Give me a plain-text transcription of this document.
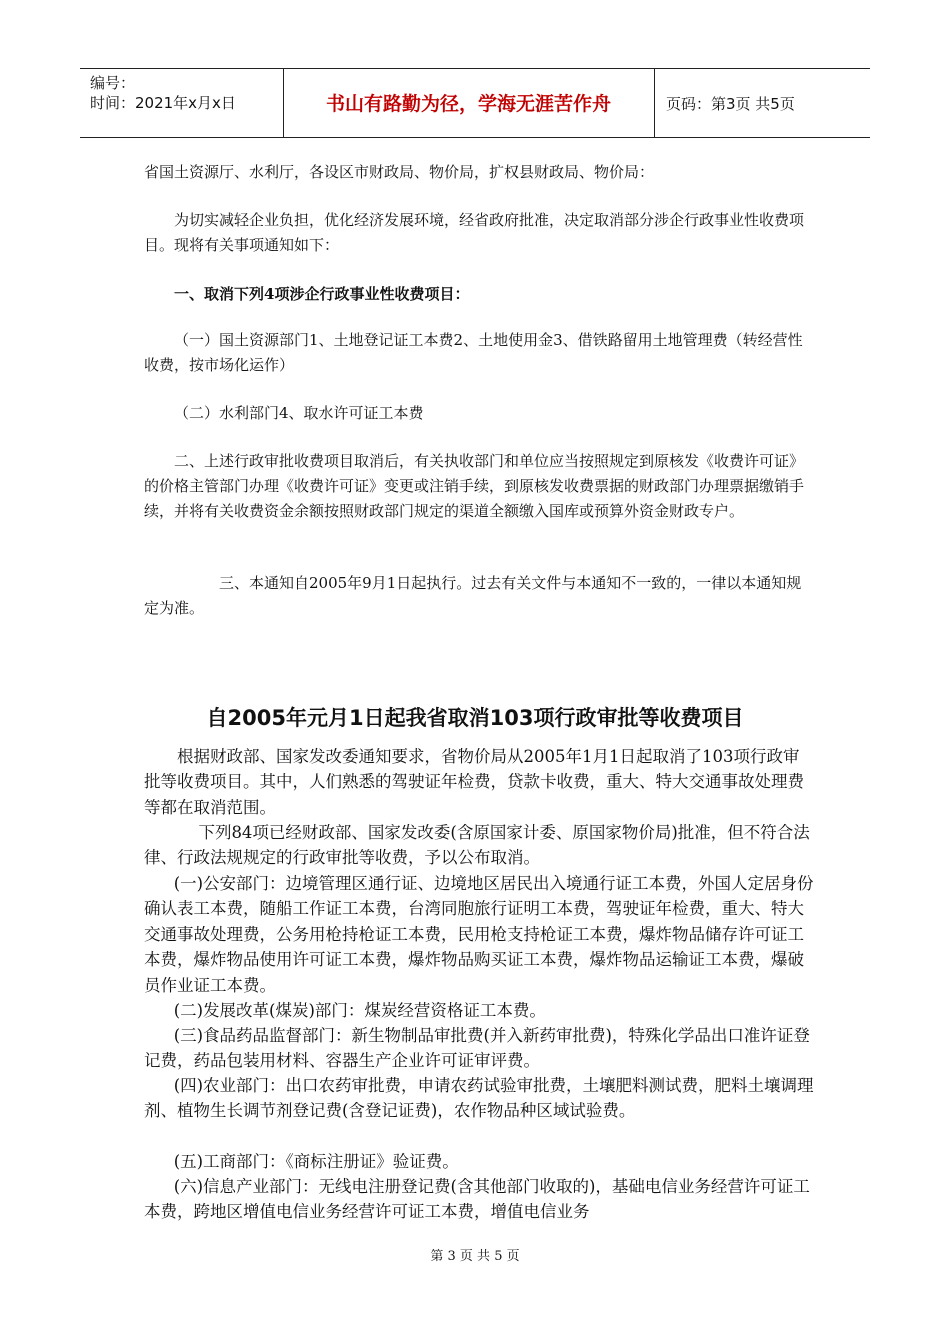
编号：
时间：2021年x月x日	书山有路勤为径，学海无涯苦作舟	页码：第3页 共5页
省国土资源厅、水利厅，各设区市财政局、物价局，扩权县财政局、物价局：
为切实减轻企业负担，优化经济发展环境，经省政府批准，决定取消部分涉企行政事业性收费项目。现将有关事项通知如下：
一、取消下列4项涉企行政事业性收费项目：
（一）国土资源部门1、土地登记证工本费2、土地使用金3、借铁路留用土地管理费（转经营性收费，按市场化运作）
（二）水利部门4、取水许可证工本费
二、上述行政审批收费项目取消后，有关执收部门和单位应当按照规定到原核发《收费许可证》的价格主管部门办理《收费许可证》变更或注销手续，到原核发收费票据的财政部门办理票据缴销手续，并将有关收费资金余额按照财政部门规定的渠道全额缴入国库或预算外资金财政专户。
三、本通知自2005年9月1日起执行。过去有关文件与本通知不一致的，一律以本通知规定为准。
自2005年元月1日起我省取消103项行政审批等收费项目
根据财政部、国家发改委通知要求，省物价局从2005年1月1日起取消了103项行政审批等收费项目。其中，人们熟悉的驾驶证年检费，贷款卡收费，重大、特大交通事故处理费等都在取消范围。
下列84项已经财政部、国家发改委(含原国家计委、原国家物价局)批准，但不符合法律、行政法规规定的行政审批等收费，予以公布取消。
(一)公安部门：边境管理区通行证、边境地区居民出入境通行证工本费，外国人定居身份确认表工本费，随船工作证工本费，台湾同胞旅行证明工本费，驾驶证年检费，重大、特大交通事故处理费，公务用枪持枪证工本费，民用枪支持枪证工本费，爆炸物品储存许可证工本费，爆炸物品使用许可证工本费，爆炸物品购买证工本费，爆炸物品运输证工本费，爆破员作业证工本费。
(二)发展改革(煤炭)部门：煤炭经营资格证工本费。
(三)食品药品监督部门：新生物制品审批费(并入新药审批费)，特殊化学品出口准许证登记费，药品包装用材料、容器生产企业许可证审评费。
(四)农业部门：出口农药审批费，申请农药试验审批费，土壤肥料测试费，肥料土壤调理剂、植物生长调节剂登记费(含登记证费)，农作物品种区域试验费。
(五)工商部门：《商标注册证》验证费。
(六)信息产业部门：无线电注册登记费(含其他部门收取的)，基础电信业务经营许可证工本费，跨地区增值电信业务经营许可证工本费，增值电信业务
第 3 页 共 5 页
